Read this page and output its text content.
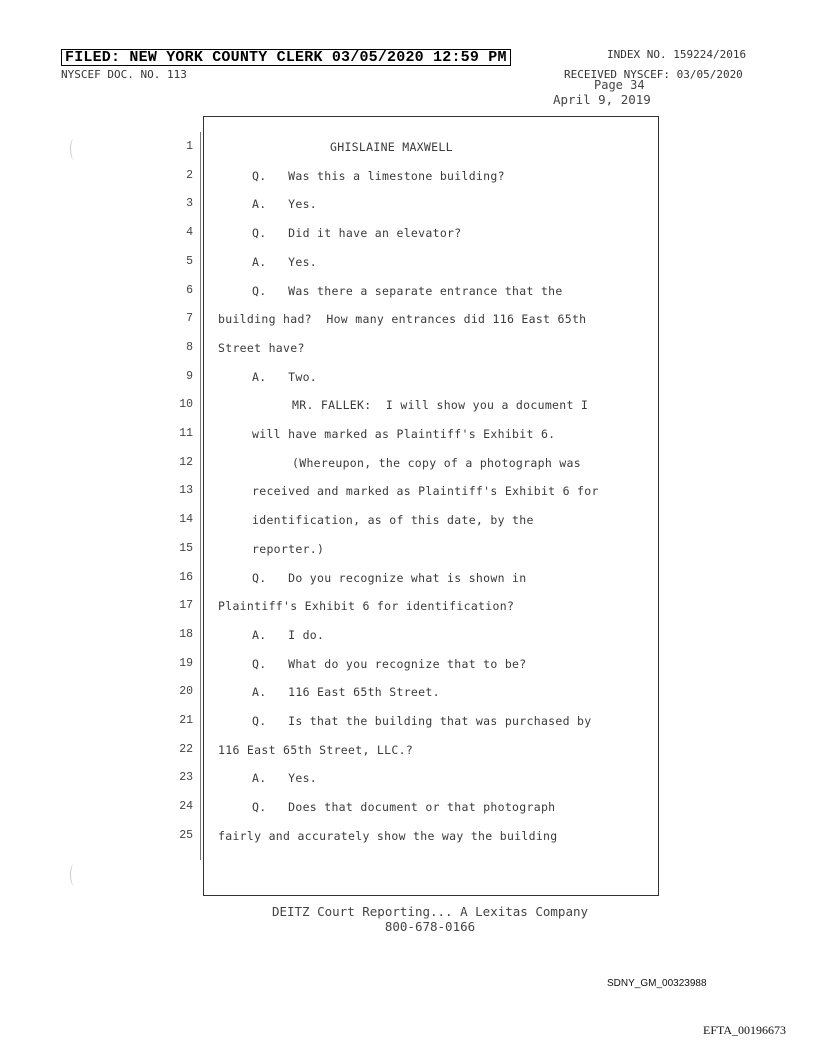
FILED: NEW YORK COUNTY CLERK 03/05/2020 12:59 PM
NYSCEF DOC. NO. 113
INDEX NO. 159224/2016
RECEIVED NYSCEF: 03/05/2020
Page 34
April 9, 2019
1	GHISLAINE MAXWELL
2	Q.   Was this a limestone building?
3	A.   Yes.
4	Q.   Did it have an elevator?
5	A.   Yes.
6	Q.   Was there a separate entrance that the
7 building had?  How many entrances did 116 East 65th
8 Street have?
9	A.   Two.
10	MR. FALLEK:  I will show you a document I
11	will have marked as Plaintiff's Exhibit 6.
12	(Whereupon, the copy of a photograph was
13	received and marked as Plaintiff's Exhibit 6 for
14	identification, as of this date, by the
15	reporter.)
16	Q.   Do you recognize what is shown in
17 Plaintiff's Exhibit 6 for identification?
18	A.   I do.
19	Q.   What do you recognize that to be?
20	A.   116 East 65th Street.
21	Q.   Is that the building that was purchased by
22 116 East 65th Street, LLC.?
23	A.   Yes.
24	Q.   Does that document or that photograph
25 fairly and accurately show the way the building
DEITZ Court Reporting... A Lexitas Company
800-678-0166
SDNY_GM_00323988
EFTA_00196673
